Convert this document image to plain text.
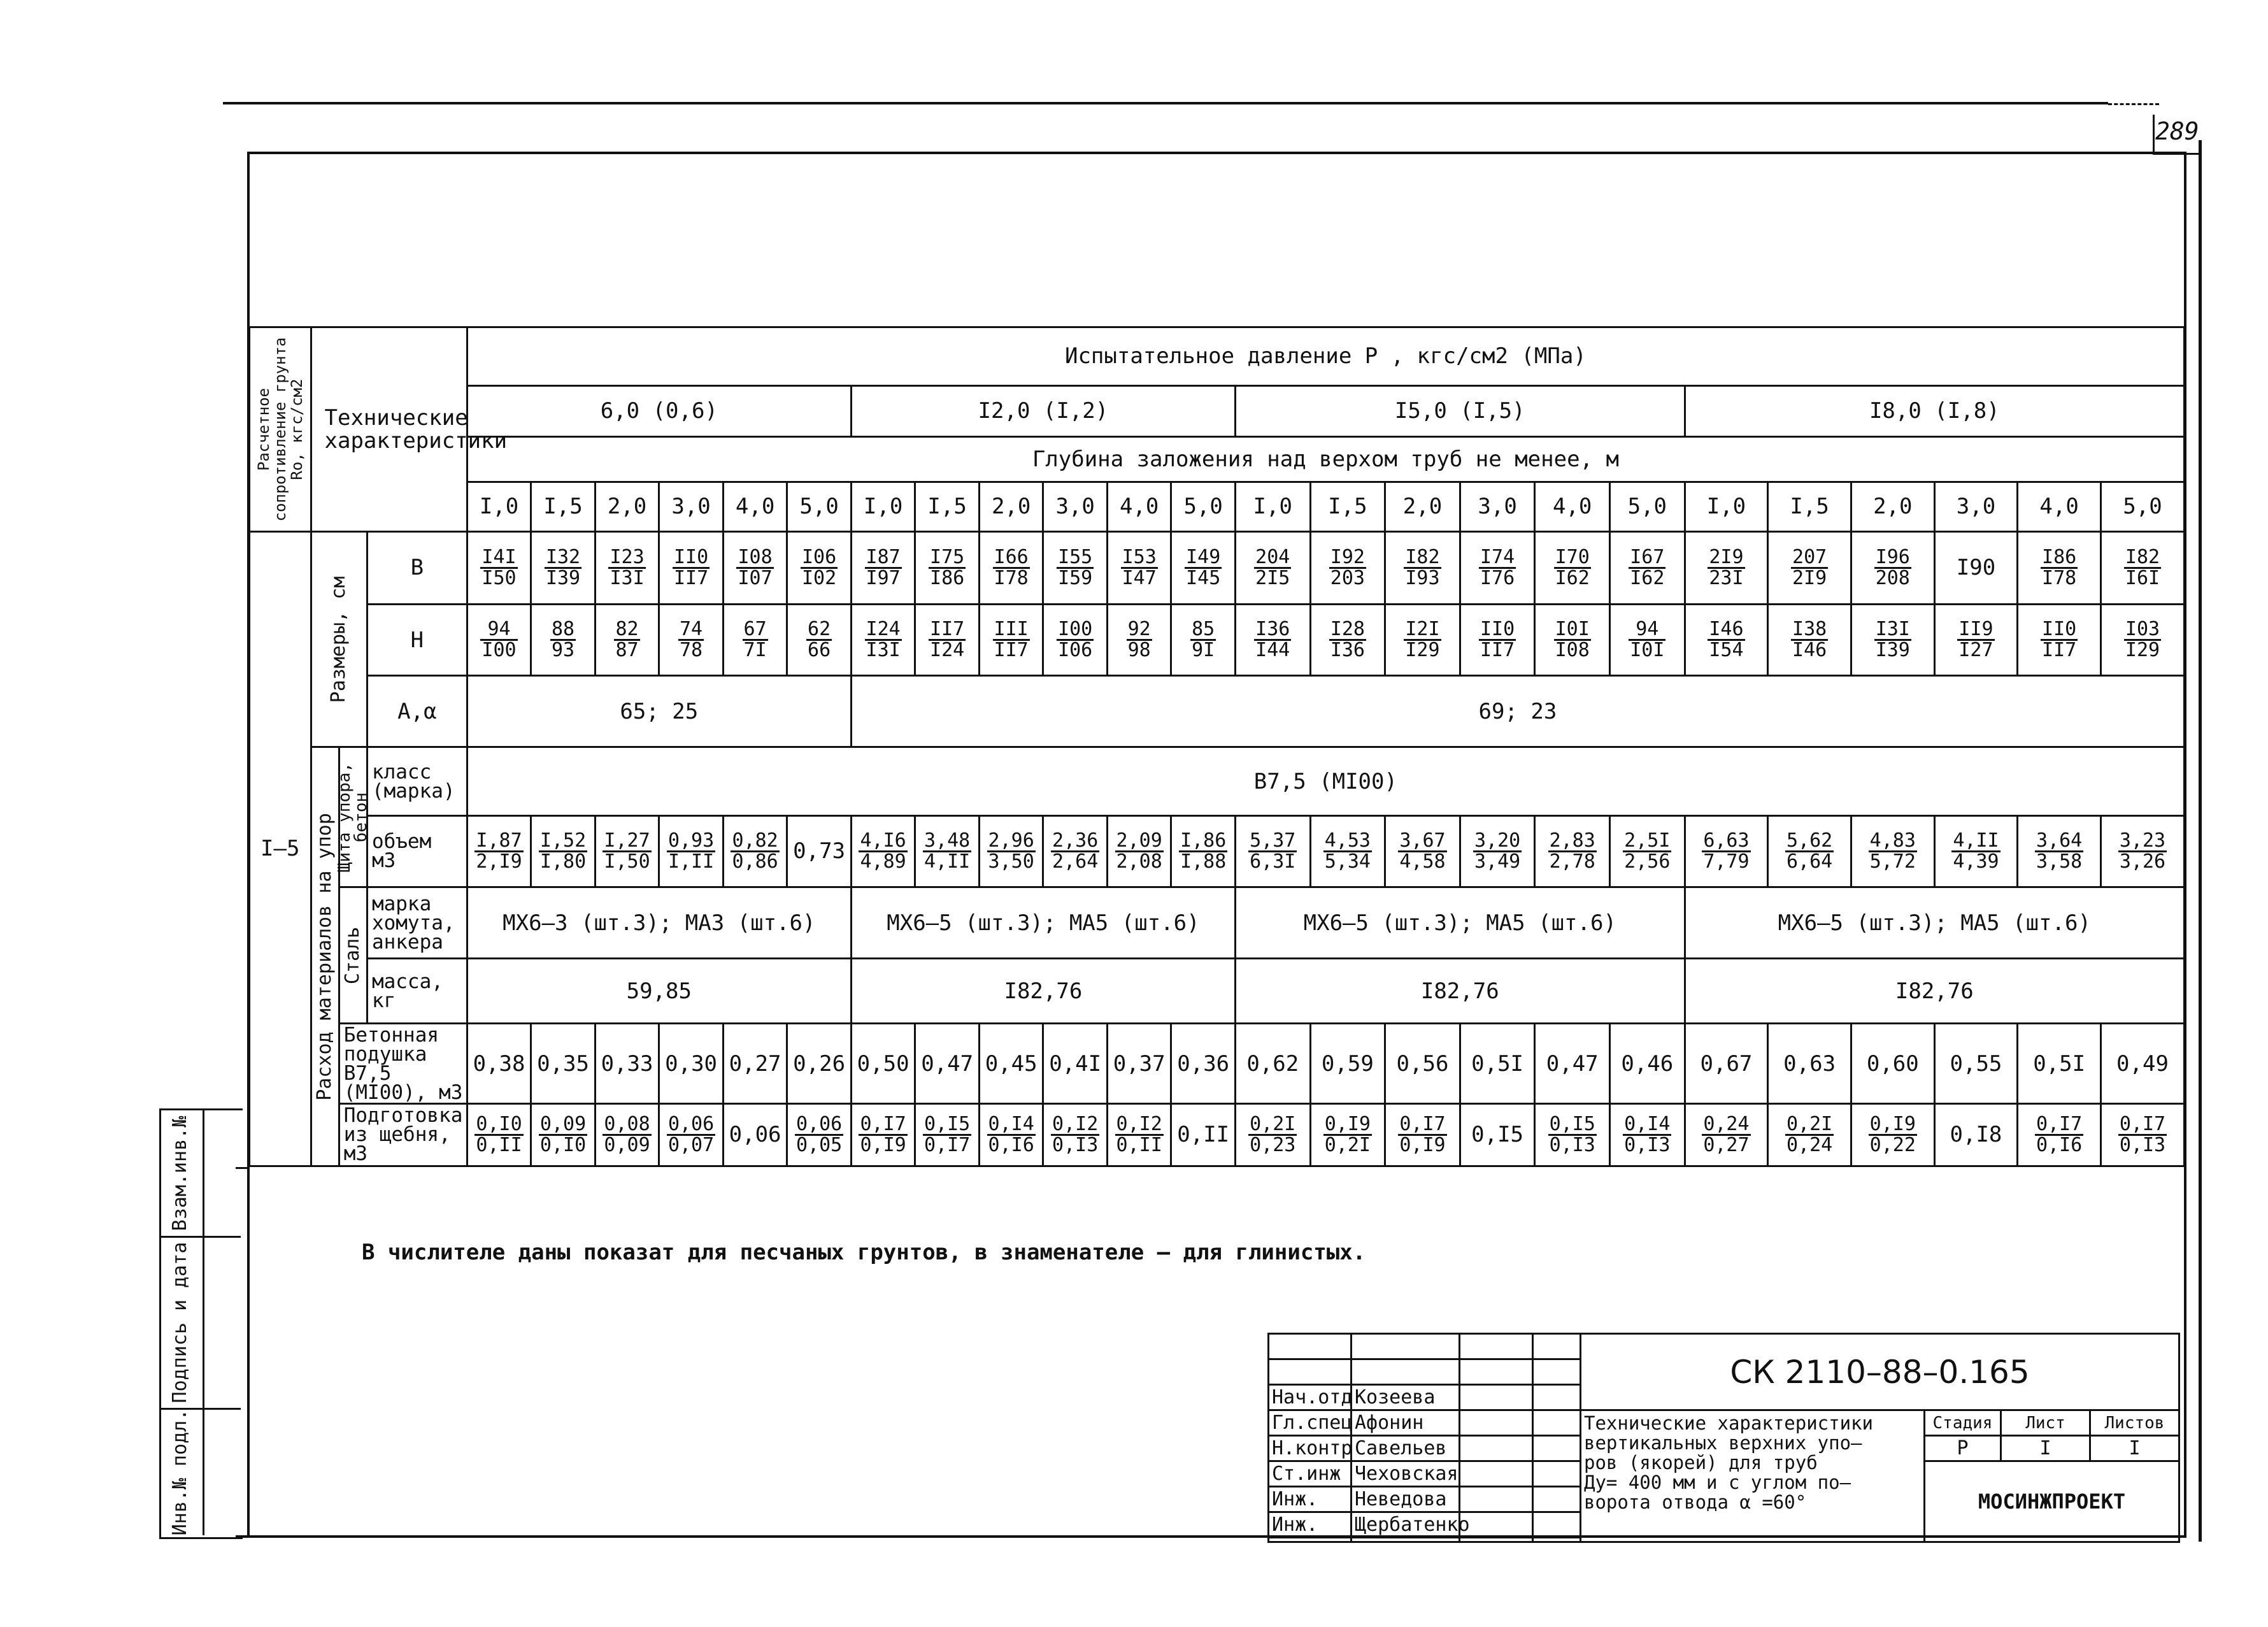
289
Взам.инв.№
Подпись и дата
Инв.№ подл.
Расчетное сопротивление грунта Ro, кгс/см2	Технические характеристики			Испытательное давление Р , кгс/см2 (МПа)																							
				6,0 (0,6)						I2,0 (I,2)						I5,0 (I,5)						I8,0 (I,8)					
				Глубина заложения над верхом труб не менее, м																							
				I,0	I,5	2,0	3,0	4,0	5,0	I,0	I,5	2,0	3,0	4,0	5,0	I,0	I,5	2,0	3,0	4,0	5,0	I,0	I,5	2,0	3,0	4,0	5,0
I–5	Размеры, см		В	$\frac{I4I}{I50}$	$\frac{I32}{I39}$	$\frac{I23}{I3I}$	$\frac{II0}{II7}$	$\frac{I08}{I07}$	$\frac{I06}{I02}$	$\frac{I87}{I97}$	$\frac{I75}{I86}$	$\frac{I66}{I78}$	$\frac{I55}{I59}$	$\frac{I53}{I47}$	$\frac{I49}{I45}$	$\frac{204}{2I5}$	$\frac{I92}{203}$	$\frac{I82}{I93}$	$\frac{I74}{I76}$	$\frac{I70}{I62}$	$\frac{I67}{I62}$	$\frac{2I9}{23I}$	$\frac{207}{2I9}$	$\frac{I96}{208}$	I90	$\frac{I86}{I78}$	$\frac{I82}{I6I}$

			Н	$\frac{94}{I00}$	$\frac{88}{93}$	$\frac{82}{87}$	$\frac{74}{78}$	$\frac{67}{7I}$	$\frac{62}{66}$	$\frac{I24}{I3I}$	$\frac{II7}{I24}$	$\frac{\text{III}}{II7}$	$\frac{I00}{I06}$	$\frac{92}{98}$	$\frac{85}{9I}$	$\frac{I36}{I44}$	$\frac{I28}{I36}$	$\frac{I2I}{I29}$	$\frac{II0}{II7}$	$\frac{I0I}{I08}$	$\frac{94}{I0I}$	$\frac{I46}{I54}$	$\frac{I38}{I46}$	$\frac{I3I}{I39}$	$\frac{II9}{I27}$	$\frac{II0}{II7}$	$\frac{I03}{I29}$

			А,α	65; 25						69; 23																	

	Расход материалов на упор	Щита упора, бетон	класс (марка)	В7,5 (МI00)																							
			объем м3	$\frac{I,87}{2,I9}$	$\frac{I,52}{I,80}$	$\frac{I,27}{I,50}$	$\frac{0,93}{I,II}$	$\frac{0,82}{0,86}$	0,73	$\frac{4,I6}{4,89}$	$\frac{3,48}{4,II}$	$\frac{2,96}{3,50}$	$\frac{2,36}{2,64}$	$\frac{2,09}{2,08}$	$\frac{I,86}{I,88}$	$\frac{5,37}{6,3I}$	$\frac{4,53}{5,34}$	$\frac{3,67}{4,58}$	$\frac{3,20}{3,49}$	$\frac{2,83}{2,78}$	$\frac{2,5I}{2,56}$	$\frac{6,63}{7,79}$	$\frac{5,62}{6,64}$	$\frac{4,83}{5,72}$	$\frac{4,II}{4,39}$	$\frac{3,64}{3,58}$	$\frac{3,23}{3,26}$

		Сталь	марка хомута, анкера	МХ6–3 (шт.3); МА3 (шт.6)						МХ6–5 (шт.3); МА5 (шт.6)						МХ6–5 (шт.3); МА5 (шт.6)						МХ6–5 (шт.3); МА5 (шт.6)					
			масса, кг	59,85						I82,76						I82,76						I82,76					
		Бетонная подушка В7,5 (МI00), м3		0,38	0,35	0,33	0,30	0,27	0,26	0,50	0,47	0,45	0,4I	0,37	0,36	0,62	0,59	0,56	0,5I	0,47	0,46	0,67	0,63	0,60	0,55	0,5I	0,49
		Подготовка из щебня, м3		$\frac{0,I0}{0,II}$	$\frac{0,09}{0,I0}$	$\frac{0,08}{0,09}$	$\frac{0,06}{0,07}$	0,06	$\frac{0,06}{0,05}$	$\frac{0,I7}{0,I9}$	$\frac{0,I5}{0,I7}$	$\frac{0,I4}{0,I6}$	$\frac{0,I2}{0,I3}$	$\frac{0,I2}{0,II}$	0,II	$\frac{0,2I}{0,23}$	$\frac{0,I9}{0,2I}$	$\frac{0,I7}{0,I9}$	0,I5	$\frac{0,I5}{0,I3}$	$\frac{0,I4}{0,I3}$	$\frac{0,24}{0,27}$	$\frac{0,2I}{0,24}$	$\frac{0,I9}{0,22}$	0,I8	$\frac{0,I7}{0,I6}$	$\frac{0,I7}{0,I3}$
В числителе даны показат для песчаных грунтов, в знаменателе – для глинистых.
				СК 2110–88–0.165			

Нач.отд	Козеева						
Гл.спец	Афонин			Технические характеристики
вертикальных верхних упо–
ров (якорей) для труб
Ду= 400 мм и с углом по–
ворота отвода α =60°	Стадия	Лист	Листов
Н.контр	Савельев				Р	I	I
Ст.инж	Чеховская				МОСИНЖПРОЕКТ		
Инж.	Неведова						
Инж.	Щербатенко						
